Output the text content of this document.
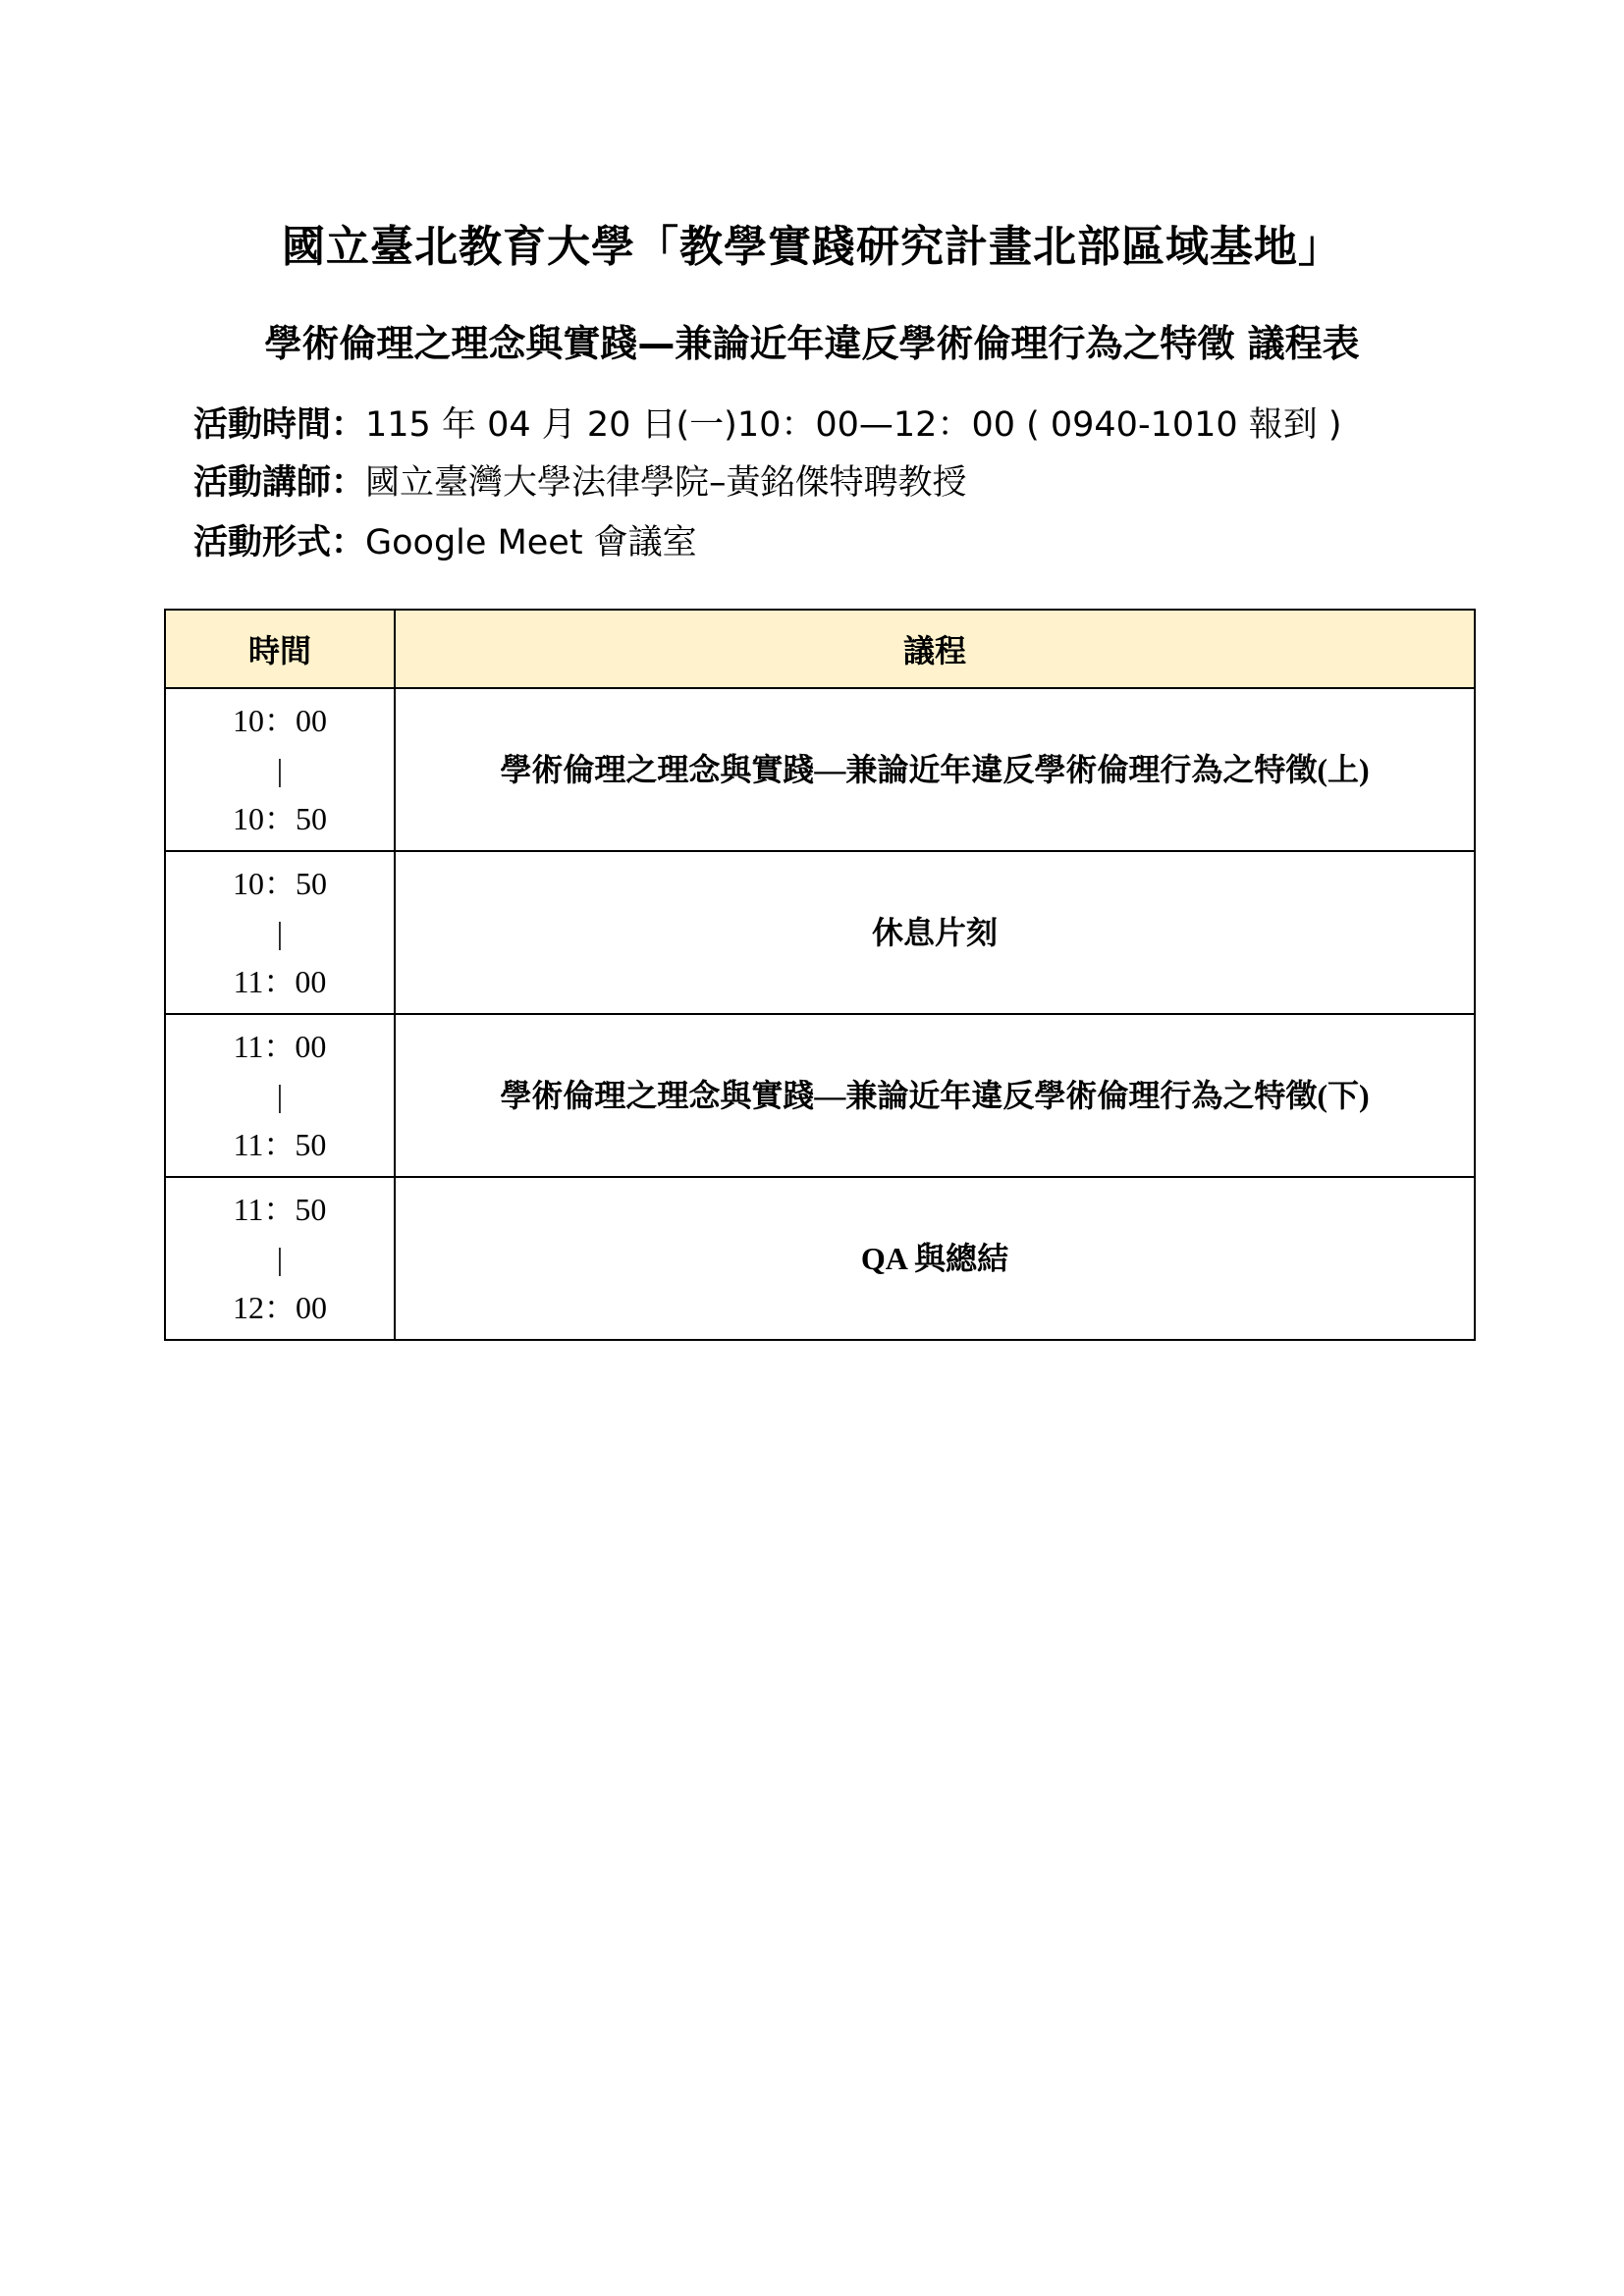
國立臺北教育大學「教學實踐研究計畫北部區域基地」
學術倫理之理念與實踐—兼論近年違反學術倫理行為之特徵 議程表
活動時間：115 年 04 月 20 日(一)10：00—12：00 ( 0940-1010 報到 )
活動講師：國立臺灣大學法律學院–黃銘傑特聘教授
活動形式：Google Meet 會議室
時間	議程

10：00
|
10：50	學術倫理之理念與實踐—兼論近年違反學術倫理行為之特徵(上)

10：50
|
11：00	休息片刻

11：00
|
11：50	學術倫理之理念與實踐—兼論近年違反學術倫理行為之特徵(下)

11：50
|
12：00	QA 與總結
